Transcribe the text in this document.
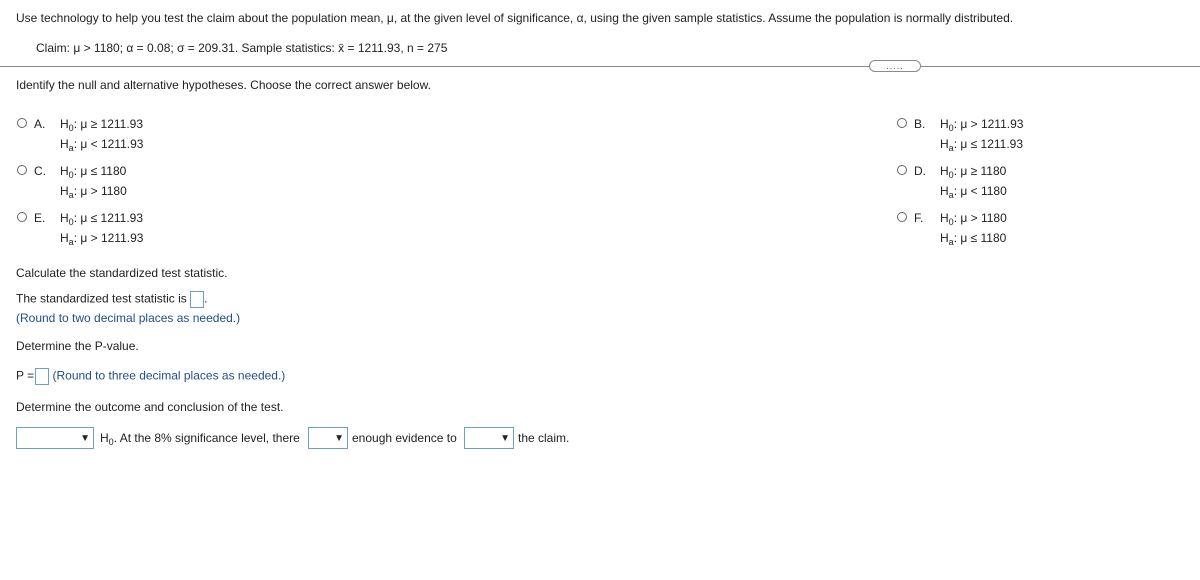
Use technology to help you test the claim about the population mean, μ, at the given level of significance, α, using the given sample statistics. Assume the population is normally distributed.
Claim: μ > 1180; α = 0.08; σ = 209.31. Sample statistics: x̄ = 1211.93, n = 275
.....
Identify the null and alternative hypotheses. Choose the correct answer below.
A. $H_0$: μ ≥ 1211.93
$H_a$: μ < 1211.93
B. $H_0$: μ > 1211.93
$H_a$: μ ≤ 1211.93
C. $H_0$: μ ≤ 1180
$H_a$: μ > 1180
D. $H_0$: μ ≥ 1180
$H_a$: μ < 1180
E. $H_0$: μ ≤ 1211.93
$H_a$: μ > 1211.93
F. $H_0$: μ > 1180
$H_a$: μ ≤ 1180
Calculate the standardized test statistic.
The standardized test statistic is .
(Round to two decimal places as needed.)
Determine the P-value.
P = (Round to three decimal places as needed.)
Determine the outcome and conclusion of the test.
▼ $H_0$. At the 8% significance level, there	▼ enough evidence to	▼ the claim.
